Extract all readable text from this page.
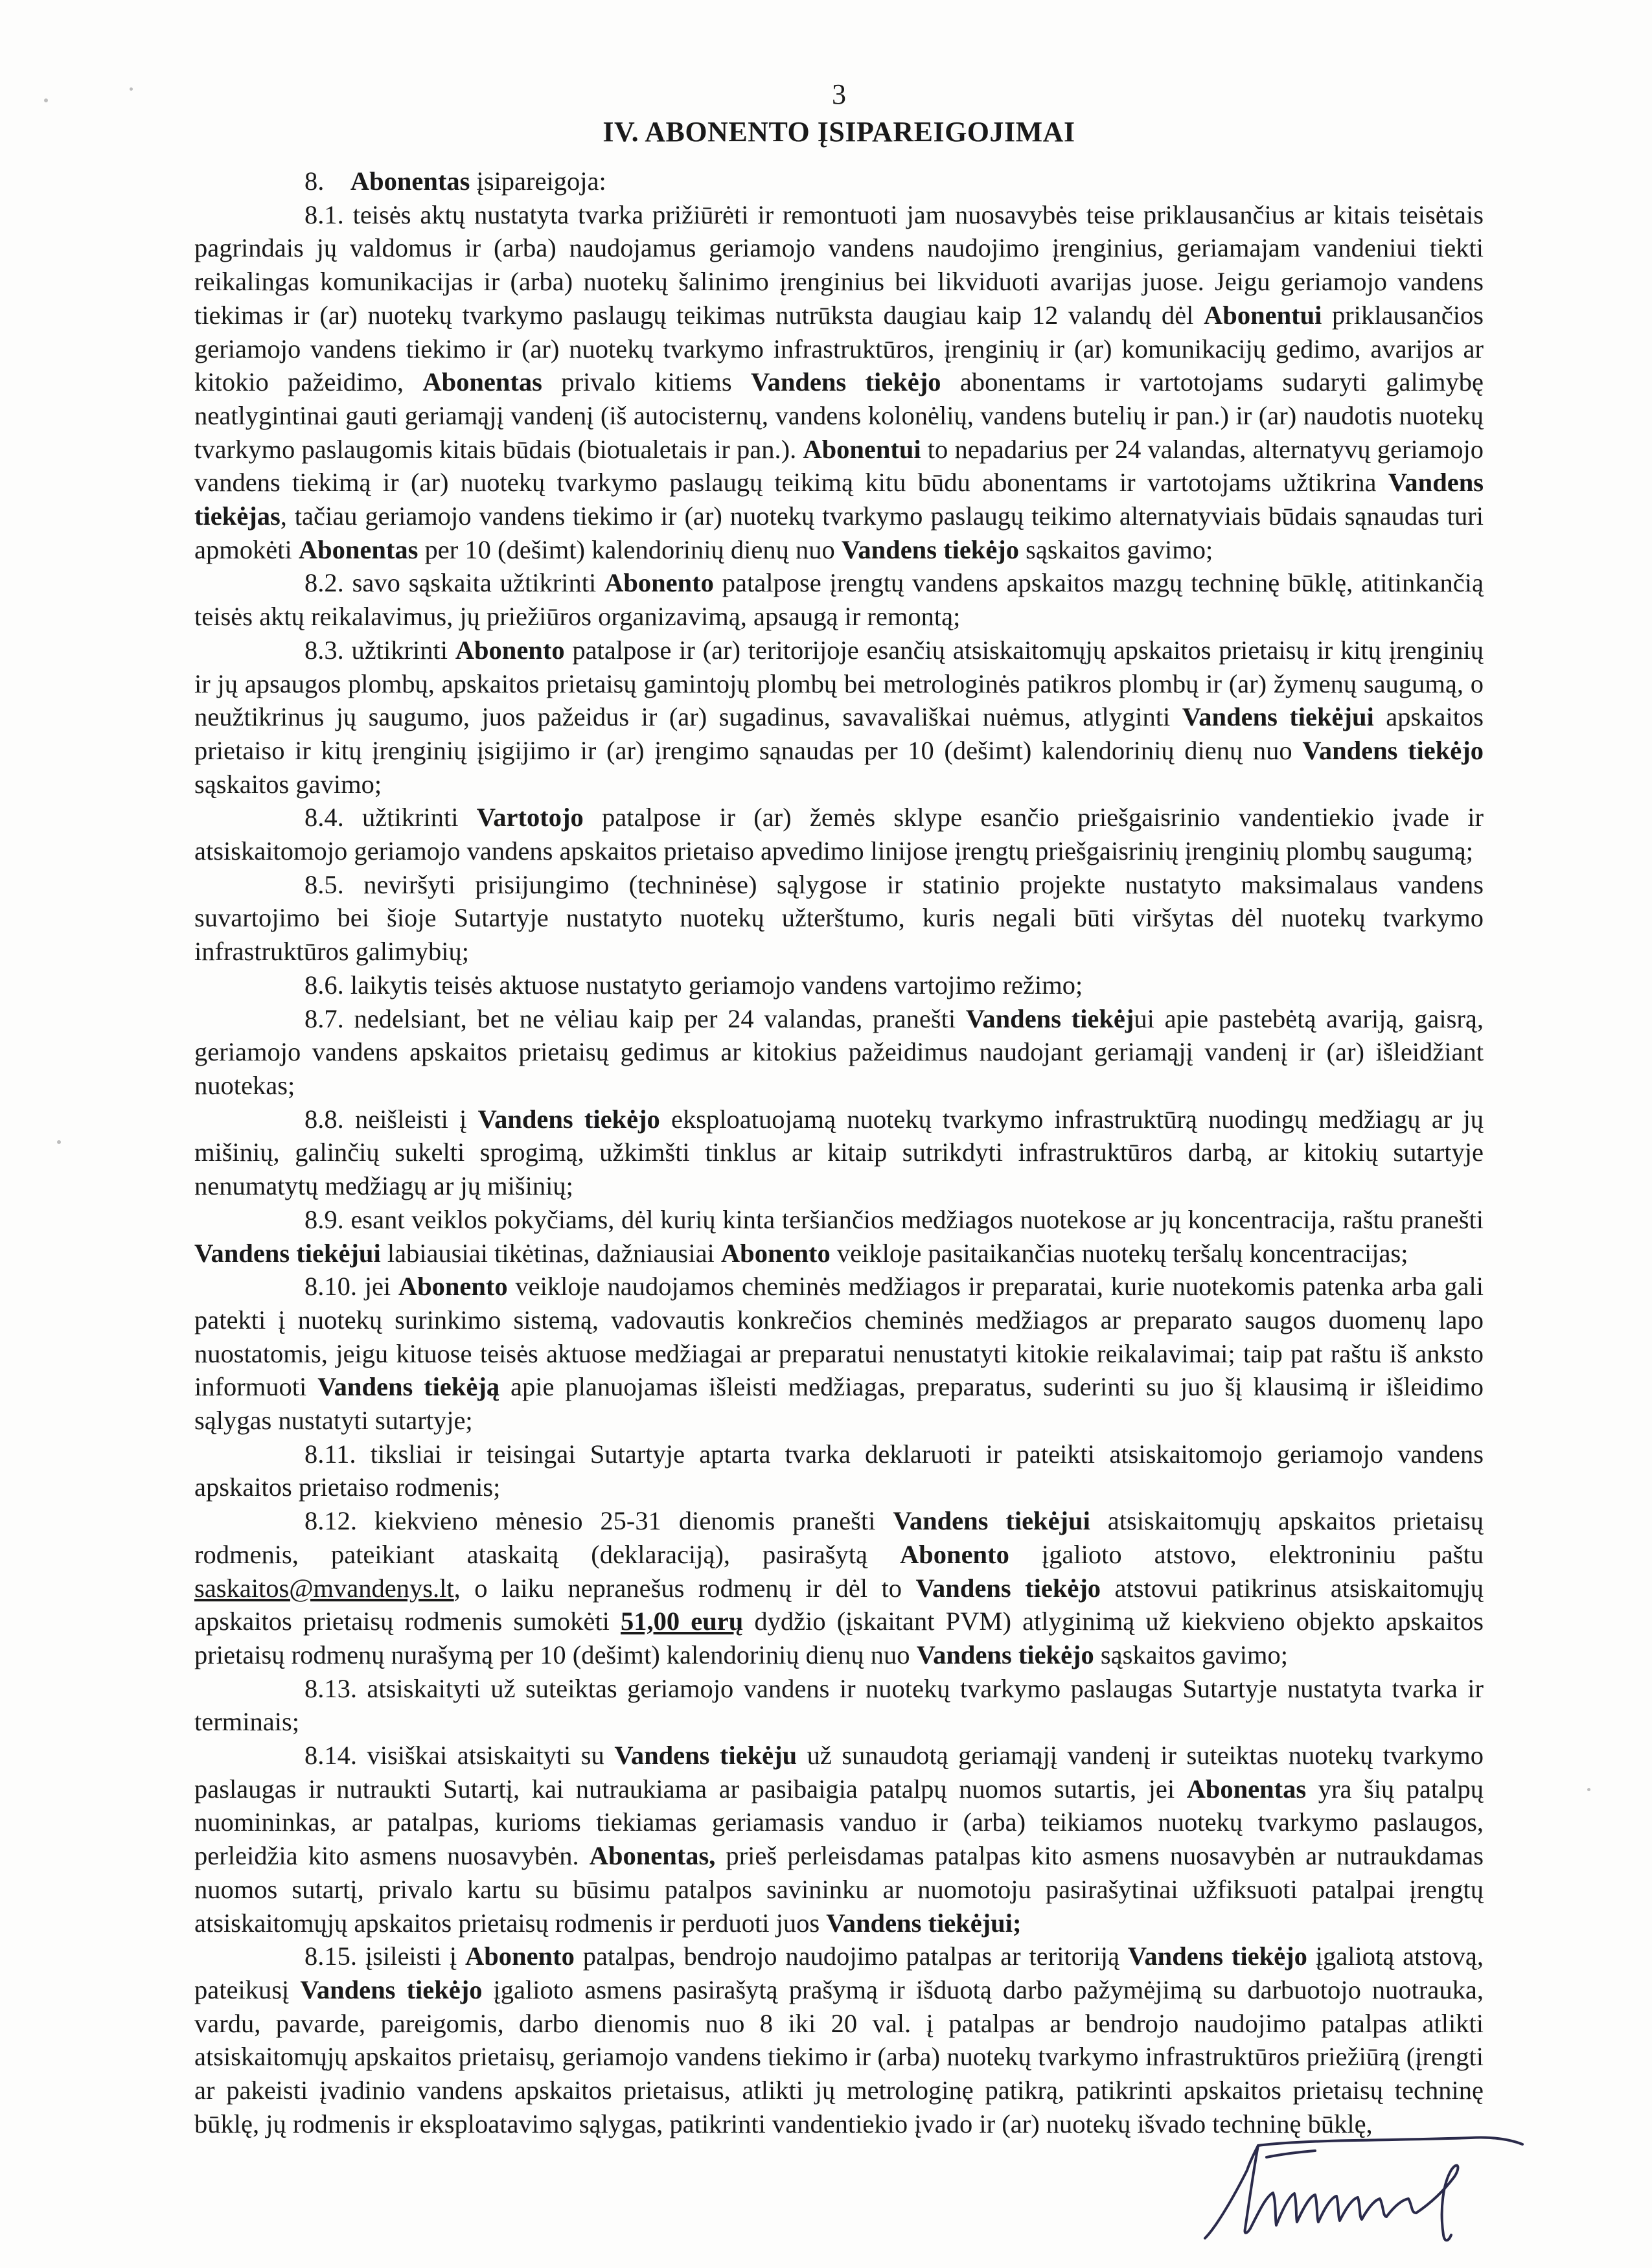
3

IV. ABONENTO ĮSIPAREIGOJIMAI

8.    Abonentas įsipareigoja:

8.1. teisės aktų nustatyta tvarka prižiūrėti ir remontuoti jam nuosavybės teise priklausančius ar kitais teisėtais pagrindais jų valdomus ir (arba) naudojamus geriamojo vandens naudojimo įrenginius, geriamajam vandeniui tiekti reikalingas komunikacijas ir (arba) nuotekų šalinimo įrenginius bei likviduoti avarijas juose. Jeigu geriamojo vandens tiekimas ir (ar) nuotekų tvarkymo paslaugų teikimas nutrūksta daugiau kaip 12 valandų dėl Abonentui priklausančios geriamojo vandens tiekimo ir (ar) nuotekų tvarkymo infrastruktūros, įrenginių ir (ar) komunikacijų gedimo, avarijos ar kitokio pažeidimo, Abonentas privalo kitiems Vandens tiekėjo abonentams ir vartotojams sudaryti galimybę neatlygintinai gauti geriamąjį vandenį (iš autocisternų, vandens kolonėlių, vandens butelių ir pan.) ir (ar) naudotis nuotekų tvarkymo paslaugomis kitais būdais (biotualetais ir pan.). Abonentui to nepadarius per 24 valandas, alternatyvų geriamojo vandens tiekimą ir (ar) nuotekų tvarkymo paslaugų teikimą kitu būdu abonentams ir vartotojams užtikrina Vandens tiekėjas, tačiau geriamojo vandens tiekimo ir (ar) nuotekų tvarkymo paslaugų teikimo alternatyviais būdais sąnaudas turi apmokėti Abonentas per 10 (dešimt) kalendorinių dienų nuo Vandens tiekėjo sąskaitos gavimo;

8.2. savo sąskaita užtikrinti Abonento patalpose įrengtų vandens apskaitos mazgų techninę būklę, atitinkančią teisės aktų reikalavimus, jų priežiūros organizavimą, apsaugą ir remontą;

8.3. užtikrinti Abonento patalpose ir (ar) teritorijoje esančių atsiskaitomųjų apskaitos prietaisų ir kitų įrenginių ir jų apsaugos plombų, apskaitos prietaisų gamintojų plombų bei metrologinės patikros plombų ir (ar) žymenų saugumą, o neužtikrinus jų saugumo, juos pažeidus ir (ar) sugadinus, savavališkai nuėmus, atlyginti Vandens tiekėjui apskaitos prietaiso ir kitų įrenginių įsigijimo ir (ar) įrengimo sąnaudas per 10 (dešimt) kalendorinių dienų nuo Vandens tiekėjo sąskaitos gavimo;

8.4. užtikrinti Vartotojo patalpose ir (ar) žemės sklype esančio priešgaisrinio vandentiekio įvade ir atsiskaitomojo geriamojo vandens apskaitos prietaiso apvedimo linijose įrengtų priešgaisrinių įrenginių plombų saugumą;

8.5. neviršyti prisijungimo (techninėse) sąlygose ir statinio projekte nustatyto maksimalaus vandens suvartojimo bei šioje Sutartyje nustatyto nuotekų užterštumo, kuris negali būti viršytas dėl nuotekų tvarkymo infrastruktūros galimybių;

8.6. laikytis teisės aktuose nustatyto geriamojo vandens vartojimo režimo;

8.7. nedelsiant, bet ne vėliau kaip per 24 valandas, pranešti Vandens tiekėjui apie pastebėtą avariją, gaisrą, geriamojo vandens apskaitos prietaisų gedimus ar kitokius pažeidimus naudojant geriamąjį vandenį ir (ar) išleidžiant nuotekas;

8.8. neišleisti į Vandens tiekėjo eksploatuojamą nuotekų tvarkymo infrastruktūrą nuodingų medžiagų ar jų mišinių, galinčių sukelti sprogimą, užkimšti tinklus ar kitaip sutrikdyti infrastruktūros darbą, ar kitokių sutartyje nenumatytų medžiagų ar jų mišinių;

8.9. esant veiklos pokyčiams, dėl kurių kinta teršiančios medžiagos nuotekose ar jų koncentracija, raštu pranešti Vandens tiekėjui labiausiai tikėtinas, dažniausiai Abonento veikloje pasitaikančias nuotekų teršalų koncentracijas;

8.10. jei Abonento veikloje naudojamos cheminės medžiagos ir preparatai, kurie nuotekomis patenka arba gali patekti į nuotekų surinkimo sistemą, vadovautis konkrečios cheminės medžiagos ar preparato saugos duomenų lapo nuostatomis, jeigu kituose teisės aktuose medžiagai ar preparatui nenustatyti kitokie reikalavimai; taip pat raštu iš anksto informuoti Vandens tiekėją apie planuojamas išleisti medžiagas, preparatus, suderinti su juo šį klausimą ir išleidimo sąlygas nustatyti sutartyje;

8.11. tiksliai ir teisingai Sutartyje aptarta tvarka deklaruoti ir pateikti atsiskaitomojo geriamojo vandens apskaitos prietaiso rodmenis;

8.12. kiekvieno mėnesio 25-31 dienomis pranešti Vandens tiekėjui atsiskaitomųjų apskaitos prietaisų rodmenis, pateikiant ataskaitą (deklaraciją), pasirašytą Abonento įgalioto atstovo, elektroniniu paštu saskaitos@mvandenys.lt, o laiku nepranešus rodmenų ir dėl to Vandens tiekėjo atstovui patikrinus atsiskaitomųjų apskaitos prietaisų rodmenis sumokėti 51,00 eurų dydžio (įskaitant PVM) atlyginimą už kiekvieno objekto apskaitos prietaisų rodmenų nurašymą per 10 (dešimt) kalendorinių dienų nuo Vandens tiekėjo sąskaitos gavimo;

8.13. atsiskaityti už suteiktas geriamojo vandens ir nuotekų tvarkymo paslaugas Sutartyje nustatyta tvarka ir terminais;

8.14. visiškai atsiskaityti su Vandens tiekėju už sunaudotą geriamąjį vandenį ir suteiktas nuotekų tvarkymo paslaugas ir nutraukti Sutartį, kai nutraukiama ar pasibaigia patalpų nuomos sutartis, jei Abonentas yra šių patalpų nuomininkas, ar patalpas, kurioms tiekiamas geriamasis vanduo ir (arba) teikiamos nuotekų tvarkymo paslaugos, perleidžia kito asmens nuosavybėn. Abonentas, prieš perleisdamas patalpas kito asmens nuosavybėn ar nutraukdamas nuomos sutartį, privalo kartu su būsimu patalpos savininku ar nuomotoju pasirašytinai užfiksuoti patalpai įrengtų atsiskaitomųjų apskaitos prietaisų rodmenis ir perduoti juos Vandens tiekėjui;

8.15. įsileisti į Abonento patalpas, bendrojo naudojimo patalpas ar teritoriją Vandens tiekėjo įgaliotą atstovą, pateikusį Vandens tiekėjo įgalioto asmens pasirašytą prašymą ir išduotą darbo pažymėjimą su darbuotojo nuotrauka, vardu, pavarde, pareigomis, darbo dienomis nuo 8 iki 20 val. į patalpas ar bendrojo naudojimo patalpas atlikti atsiskaitomųjų apskaitos prietaisų, geriamojo vandens tiekimo ir (arba) nuotekų tvarkymo infrastruktūros priežiūrą (įrengti ar pakeisti įvadinio vandens apskaitos prietaisus, atlikti jų metrologinę patikrą, patikrinti apskaitos prietaisų techninę būklę, jų rodmenis ir eksploatavimo sąlygas, patikrinti vandentiekio įvado ir (ar) nuotekų išvado techninę būklę,
